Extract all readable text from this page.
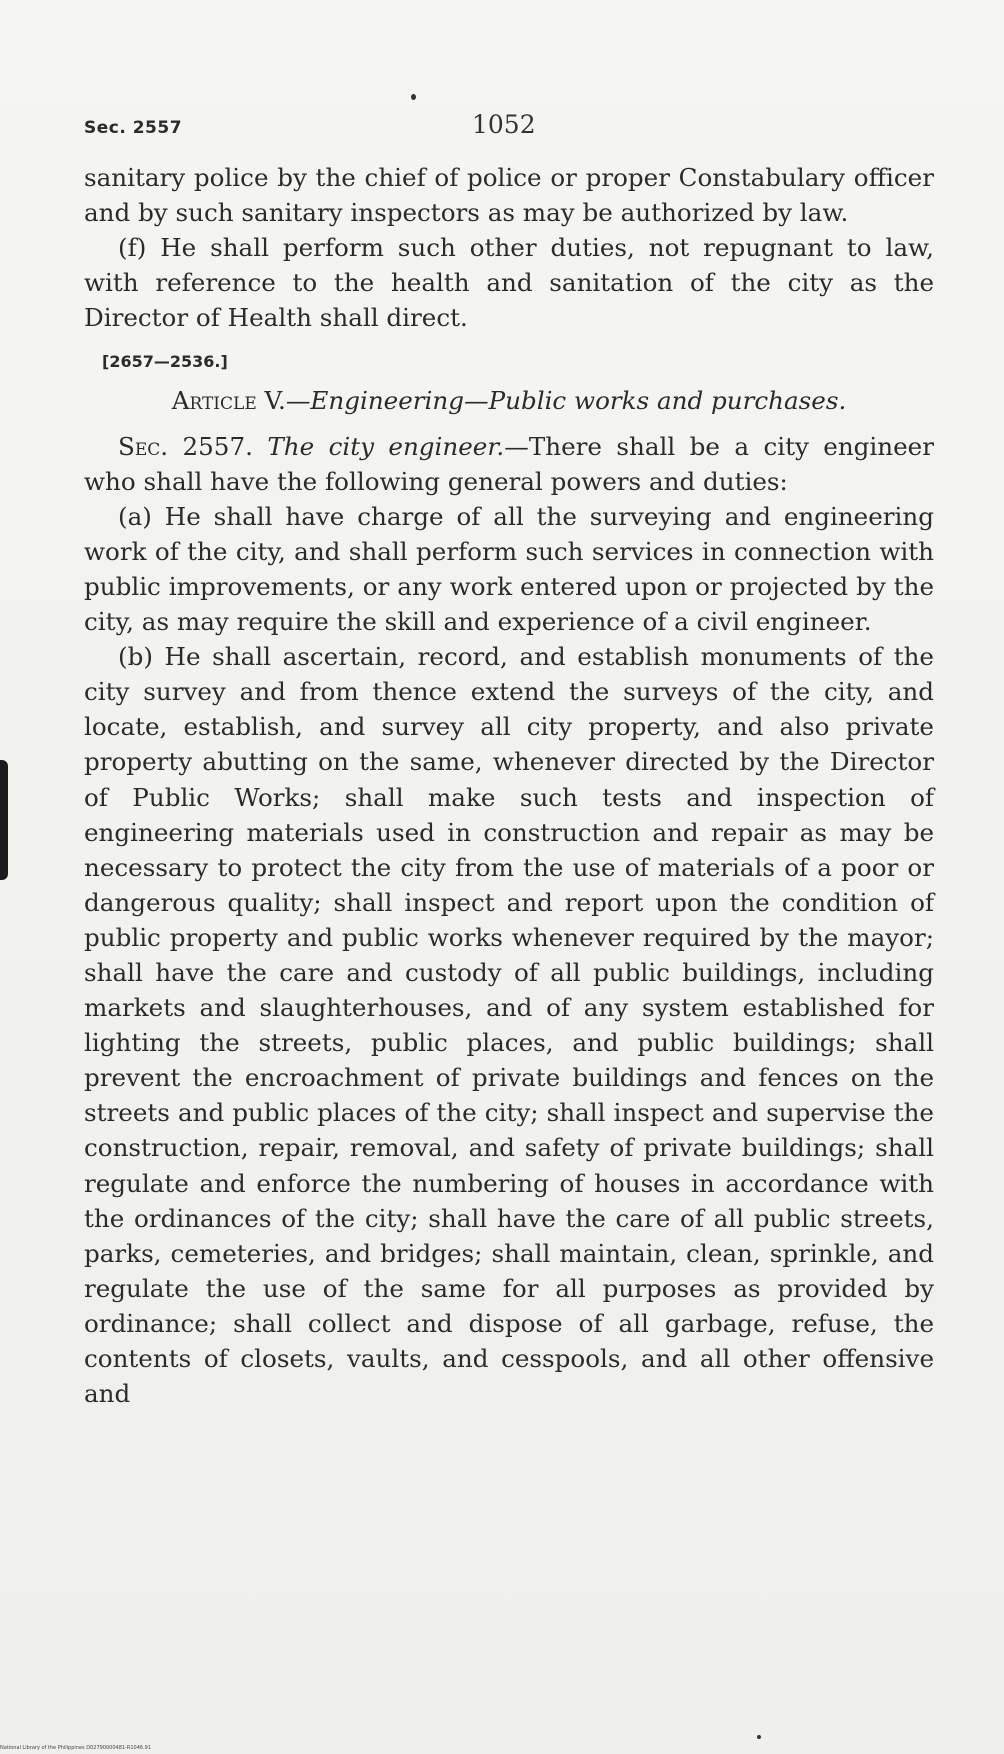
Sec. 2557	1052

sanitary police by the chief of police or proper Constabulary officer and by such sanitary inspectors as may be authorized by law.

(f) He shall perform such other duties, not repugnant to law, with reference to the health and sanitation of the city as the Director of Health shall direct.

[2657—2536.]

Article V.—Engineering—Public works and purchases.

Sec. 2557. The city engineer.—There shall be a city engineer who shall have the following general powers and duties:

(a) He shall have charge of all the surveying and engineering work of the city, and shall perform such services in connection with public improvements, or any work entered upon or projected by the city, as may require the skill and experience of a civil engineer.

(b) He shall ascertain, record, and establish monuments of the city survey and from thence extend the surveys of the city, and locate, establish, and survey all city property, and also private property abutting on the same, whenever directed by the Director of Public Works; shall make such tests and inspection of engineering materials used in construction and repair as may be necessary to protect the city from the use of materials of a poor or dangerous quality; shall inspect and report upon the condition of public property and public works whenever required by the mayor; shall have the care and custody of all public buildings, including markets and slaughterhouses, and of any system established for lighting the streets, public places, and public buildings; shall prevent the encroachment of private buildings and fences on the streets and public places of the city; shall inspect and supervise the construction, repair, removal, and safety of private buildings; shall regulate and enforce the numbering of houses in accordance with the ordinances of the city; shall have the care of all public streets, parks, cemeteries, and bridges; shall maintain, clean, sprinkle, and regulate the use of the same for all purposes as provided by ordinance; shall collect and dispose of all garbage, refuse, the contents of closets, vaults, and cesspools, and all other offensive and

National Library of the Philippines D02790000481-R1046.91
